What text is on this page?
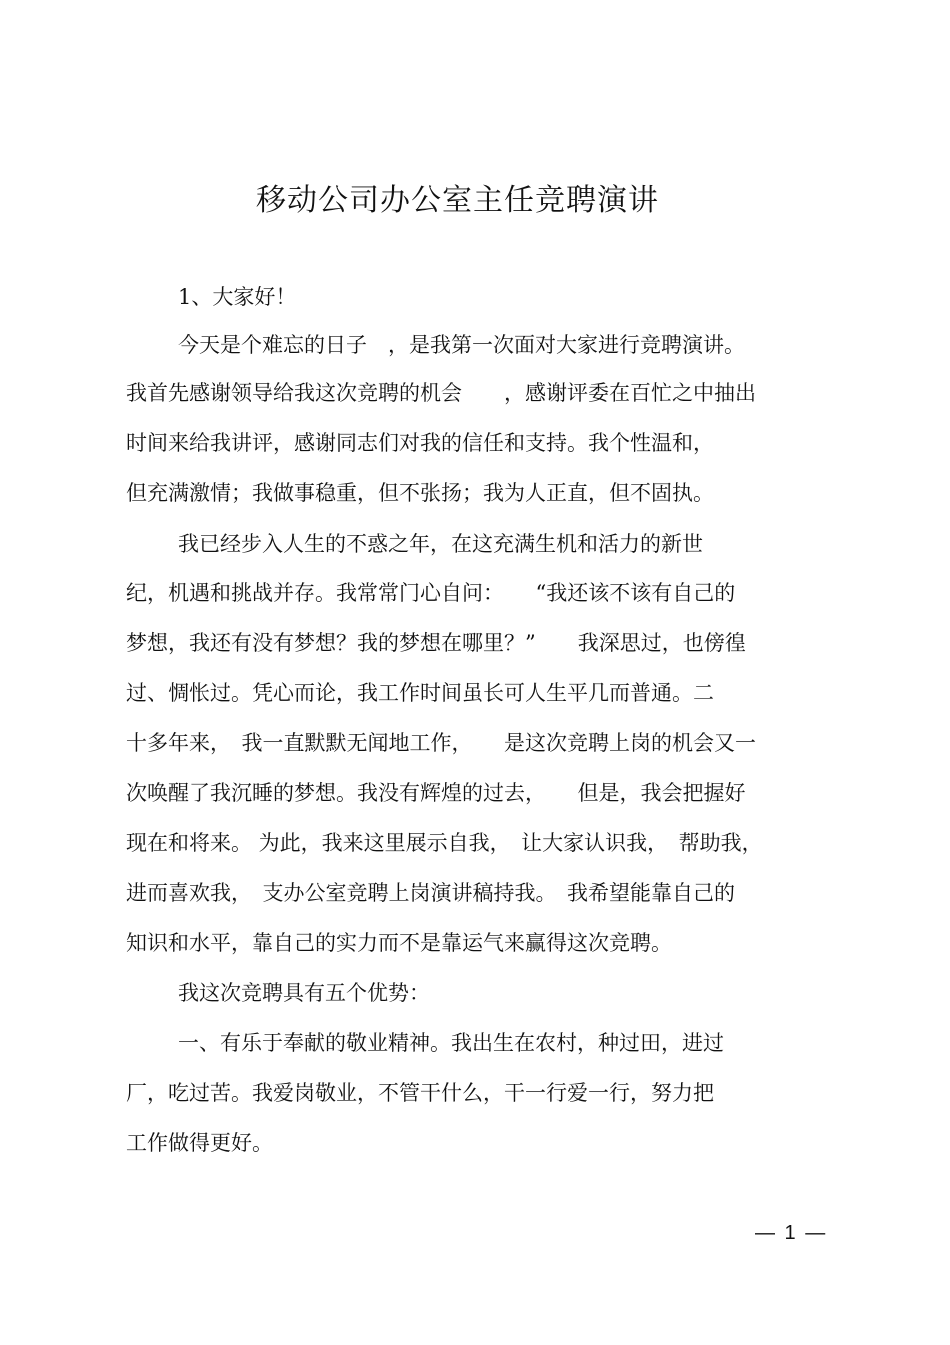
移动公司办公室主任竞聘演讲
1、大家好！
今天是个难忘的日子　，是我第一次面对大家进行竞聘演讲。
我首先感谢领导给我这次竞聘的机会　　，感谢评委在百忙之中抽出
时间来给我讲评，感谢同志们对我的信任和支持。我个性温和，
但充满激情；我做事稳重，但不张扬；我为人正直，但不固执。
我已经步入人生的不惑之年，在这充满生机和活力的新世
纪，机遇和挑战并存。我常常门心自问：　　“我还该不该有自己的
梦想，我还有没有梦想？我的梦想在哪里？”　　我深思过，也傍徨
过、惆怅过。凭心而论，我工作时间虽长可人生平几而普通。二
十多年来，　我一直默默无闻地工作，　　是这次竞聘上岗的机会又一
次唤醒了我沉睡的梦想。我没有辉煌的过去，　　但是，我会把握好
现在和将来。 为此，我来这里展示自我，　让大家认识我，　帮助我，
进而喜欢我，　支办公室竞聘上岗演讲稿持我。　我希望能靠自己的
知识和水平，靠自己的实力而不是靠运气来赢得这次竞聘。
我这次竞聘具有五个优势：
一、有乐于奉献的敬业精神。我出生在农村，种过田，进过
厂，吃过苦。我爱岗敬业，不管干什么，干一行爱一行，努力把
工作做得更好。
— 1 —
